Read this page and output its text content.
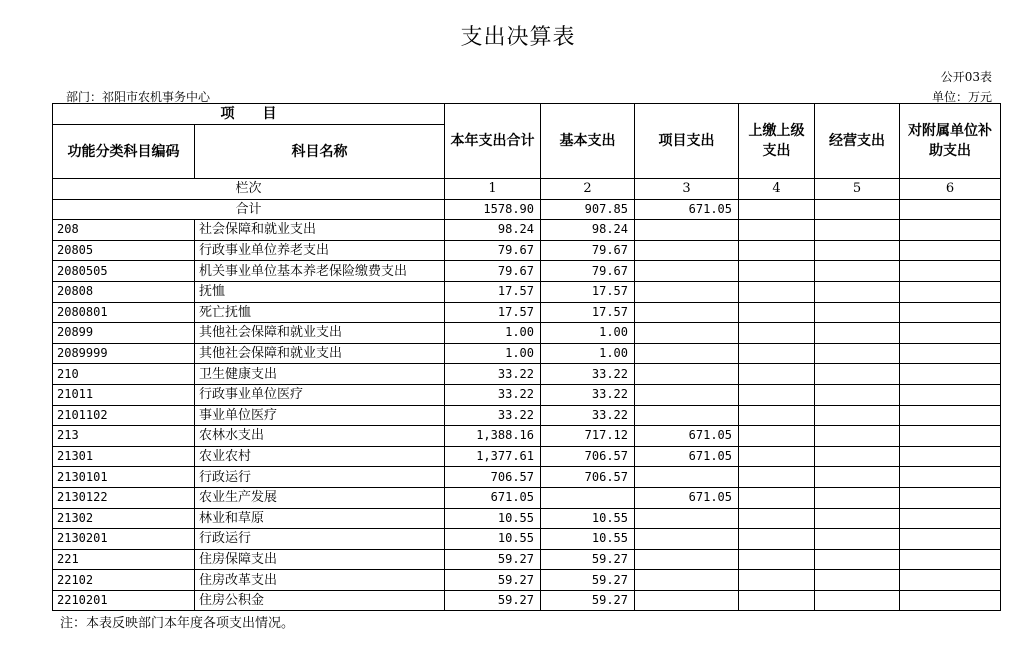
支出决算表
公开03表
部门：祁阳市农机事务中心	单位：万元
项　　目		本年支出合计	基本支出	项目支出	上缴上级支出	经营支出	对附属单位补助支出
功能分类科目编码	科目名称						
栏次		1	2	3	4	5	6
合计		1578.90	907.85	671.05			
208	社会保障和就业支出	98.24	98.24				
20805	行政事业单位养老支出	79.67	79.67				
2080505	机关事业单位基本养老保险缴费支出	79.67	79.67				
20808	抚恤	17.57	17.57				
2080801	死亡抚恤	17.57	17.57				
20899	其他社会保障和就业支出	1.00	1.00				
2089999	其他社会保障和就业支出	1.00	1.00				
210	卫生健康支出	33.22	33.22				
21011	行政事业单位医疗	33.22	33.22				
2101102	事业单位医疗	33.22	33.22				
213	农林水支出	1,388.16	717.12	671.05			
21301	农业农村	1,377.61	706.57	671.05			
2130101	行政运行	706.57	706.57				
2130122	农业生产发展	671.05		671.05			
21302	林业和草原	10.55	10.55				
2130201	行政运行	10.55	10.55				
221	住房保障支出	59.27	59.27				
22102	住房改革支出	59.27	59.27				
2210201	住房公积金	59.27	59.27				
注：本表反映部门本年度各项支出情况。
